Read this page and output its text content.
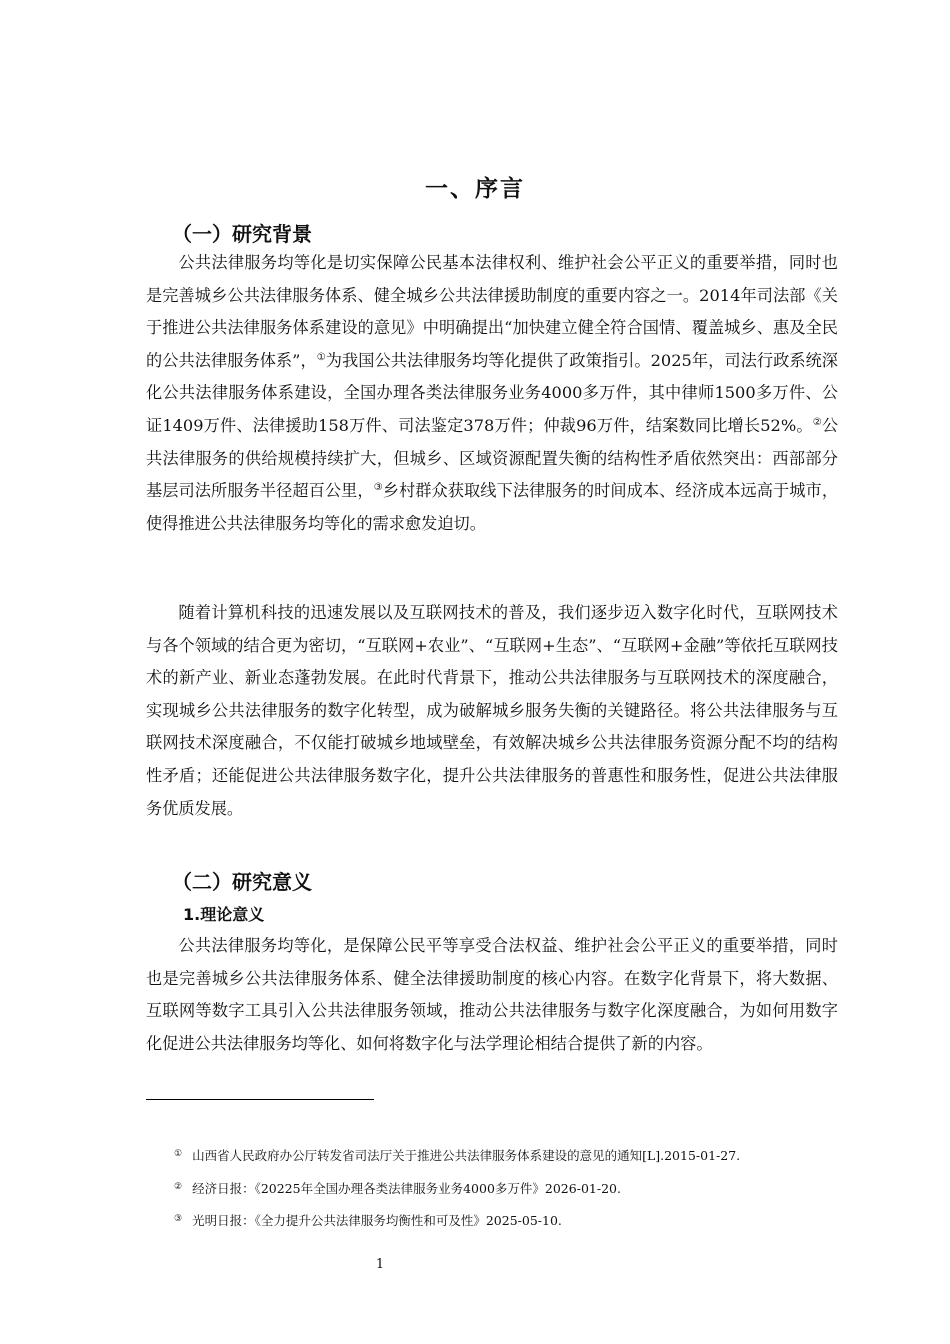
一、序言
（一）研究背景
公共法律服务均等化是切实保障公民基本法律权利、维护社会公平正义的重要举措，同时也是完善城乡公共法律服务体系、健全城乡公共法律援助制度的重要内容之一。2014年司法部《关于推进公共法律服务体系建设的意见》中明确提出“加快建立健全符合国情、覆盖城乡、惠及全民的公共法律服务体系”，①为我国公共法律服务均等化提供了政策指引。2025年，司法行政系统深化公共法律服务体系建设，全国办理各类法律服务业务4000多万件，其中律师1500多万件、公证1409万件、法律援助158万件、司法鉴定378万件；仲裁96万件，结案数同比增长52%。②公共法律服务的供给规模持续扩大，但城乡、区域资源配置失衡的结构性矛盾依然突出：西部部分基层司法所服务半径超百公里，③乡村群众获取线下法律服务的时间成本、经济成本远高于城市，使得推进公共法律服务均等化的需求愈发迫切。
随着计算机科技的迅速发展以及互联网技术的普及，我们逐步迈入数字化时代，互联网技术与各个领域的结合更为密切，“互联网+农业”、“互联网+生态”、“互联网+金融”等依托互联网技术的新产业、新业态蓬勃发展。在此时代背景下，推动公共法律服务与互联网技术的深度融合，实现城乡公共法律服务的数字化转型，成为破解城乡服务失衡的关键路径。将公共法律服务与互联网技术深度融合，不仅能打破城乡地域壁垒，有效解决城乡公共法律服务资源分配不均的结构性矛盾；还能促进公共法律服务数字化，提升公共法律服务的普惠性和服务性，促进公共法律服务优质发展。
（二）研究意义
1.理论意义
公共法律服务均等化，是保障公民平等享受合法权益、维护社会公平正义的重要举措，同时也是完善城乡公共法律服务体系、健全法律援助制度的核心内容。在数字化背景下，将大数据、互联网等数字工具引入公共法律服务领域，推动公共法律服务与数字化深度融合，为如何用数字化促进公共法律服务均等化、如何将数字化与法学理论相结合提供了新的内容。
① 山西省人民政府办公厅转发省司法厅关于推进公共法律服务体系建设的意见的通知[L].2015-01-27.
② 经济日报：《20225年全国办理各类法律服务业务4000多万件》2026-01-20.
③ 光明日报：《全力提升公共法律服务均衡性和可及性》2025-05-10.
1
